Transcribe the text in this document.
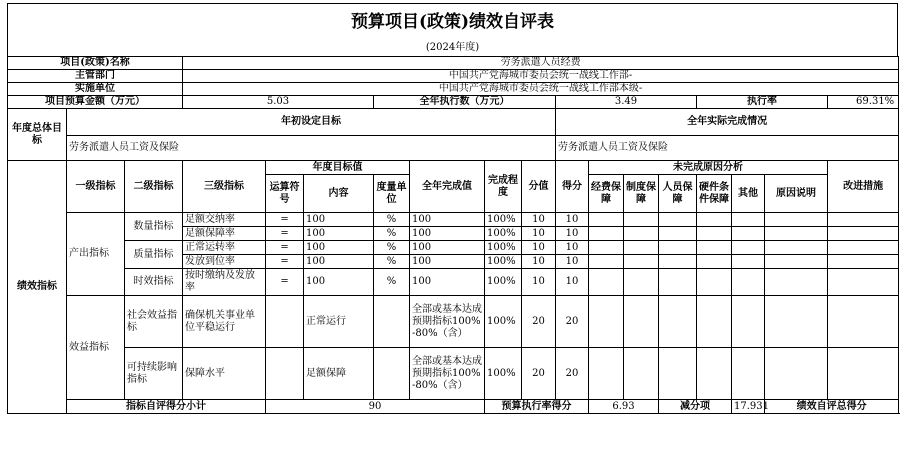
预算项目(政策)绩效自评表
(2024年度)
项目(政策)名称			劳务派遣人员经费															
主管部门			中国共产党海城市委员会统一战线工作部-															
实施单位			中国共产党海城市委员会统一战线工作部本级-															
项目预算金额（万元）			5.03			全年执行数（万元）				3.49				执行率			69.31%	
年度总体目标	年初设定目标									全年实际完成情况								
	劳务派遣人员工资及保险									劳务派遣人员工资及保险								
绩效指标	一级指标	二级指标	三级指标	年度目标值			全年完成值	完成程度	分值	得分	未完成原因分析						改进措施	
				运算符号	内容	度量单位					经费保障	制度保障	人员保障	硬件条件保障	其他	原因说明		
	产出指标	数量指标	足额交纳率	=	100	%	100	100%	10	10								
			足额保障率	=	100	%	100	100%	10	10								
		质量指标	正常运转率	=	100	%	100	100%	10	10								
			发放到位率	=	100	%	100	100%	10	10								
		时效指标	按时缴纳及发放率	=	100	%	100	100%	10	10								
	效益指标	社会效益指标	确保机关事业单位平稳运行		正常运行		全部或基本达成预期指标100%-80%（含）	100%	20	20								
		可持续影响指标	保障水平		足额保障		全部或基本达成预期指标100%-80%（含）	100%	20	20								
	指标自评得分小计			90				预算执行率得分			6.93		减分项		17.931	绩效自评总得分	
